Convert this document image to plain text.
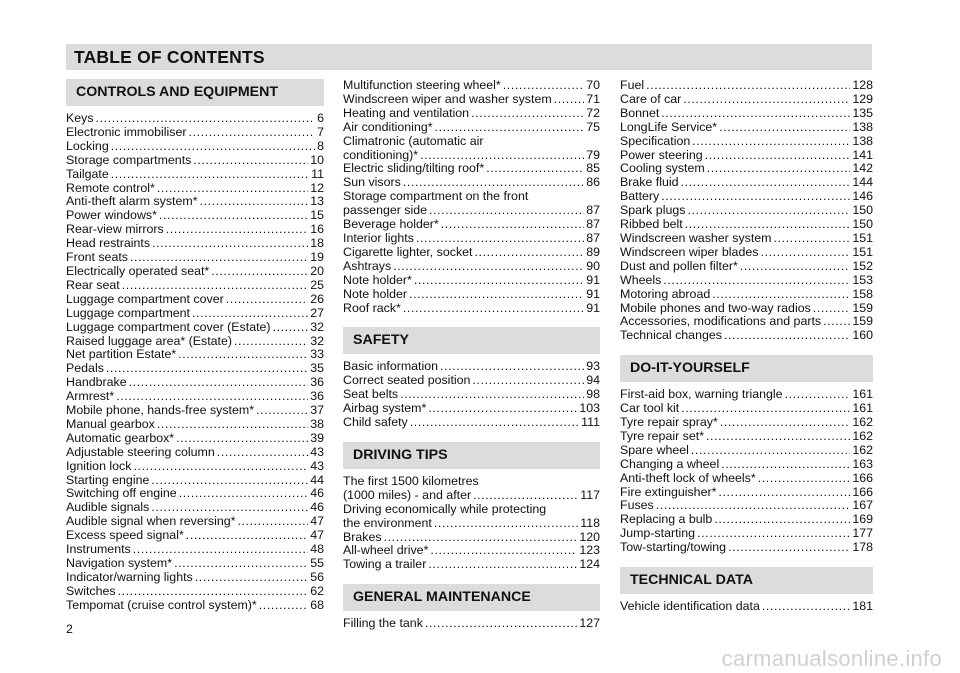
TABLE OF CONTENTS
CONTROLS AND EQUIPMENT
Keys .....	6
Electronic immobiliser .....	7
Locking .....	8
Storage compartments .....	10
Tailgate .....	11
Remote control* .....	12
Anti-theft alarm system* .....	13
Power windows* .....	15
Rear-view mirrors .....	16
Head restraints .....	18
Front seats .....	19
Electrically operated seat* .....	20
Rear seat .....	25
Luggage compartment cover .....	26
Luggage compartment .....	27
Luggage compartment cover (Estate) .....	32
Raised luggage area* (Estate) .....	32
Net partition Estate* .....	33
Pedals .....	35
Handbrake .....	36
Armrest* .....	36
Mobile phone, hands-free system* .....	37
Manual gearbox .....	38
Automatic gearbox* .....	39
Adjustable steering column .....	43
Ignition lock .....	43
Starting engine .....	44
Switching off engine .....	46
Audible signals .....	46
Audible signal when reversing* .....	47
Excess speed signal* .....	47
Instruments .....	48
Navigation system* .....	55
Indicator/warning lights .....	56
Switches .....	62
Tempomat (cruise control system)* .....	68
Multifunction steering wheel* .....	70
Windscreen wiper and washer system .....	71
Heating and ventilation .....	72
Air conditioning* .....	75
Climatronic (automatic air
conditioning)* .....	79
Electric sliding/tilting roof* .....	85
Sun visors .....	86
Storage compartment on the front
passenger side .....	87
Beverage holder* .....	87
Interior lights .....	87
Cigarette lighter, socket .....	89
Ashtrays .....	90
Note holder* .....	91
Note holder .....	91
Roof rack* .....	91
SAFETY
Basic information .....	93
Correct seated position .....	94
Seat belts .....	98
Airbag system* .....	103
Child safety .....	111
DRIVING TIPS
The first 1500 kilometres
(1000 miles) - and after .....	117
Driving economically while protecting
the environment .....	118
Brakes .....	120
All-wheel drive* .....	123
Towing a trailer .....	124
GENERAL MAINTENANCE
Filling the tank .....	127
Fuel .....	128
Care of car .....	129
Bonnet .....	135
LongLife Service* .....	138
Specification .....	138
Power steering .....	141
Cooling system .....	142
Brake fluid .....	144
Battery .....	146
Spark plugs .....	150
Ribbed belt .....	150
Windscreen washer system .....	151
Windscreen wiper blades .....	151
Dust and pollen filter* .....	152
Wheels .....	153
Motoring abroad .....	158
Mobile phones and two-way radios .....	159
Accessories, modifications and parts .....	159
Technical changes .....	160
DO-IT-YOURSELF
First-aid box, warning triangle .....	161
Car tool kit .....	161
Tyre repair spray* .....	162
Tyre repair set* .....	162
Spare wheel .....	162
Changing a wheel .....	163
Anti-theft lock of wheels* .....	166
Fire extinguisher* .....	166
Fuses .....	167
Replacing a bulb .....	169
Jump-starting .....	177
Tow-starting/towing .....	178
TECHNICAL DATA
Vehicle identification data .....	181
2
carmanualsonline.info
